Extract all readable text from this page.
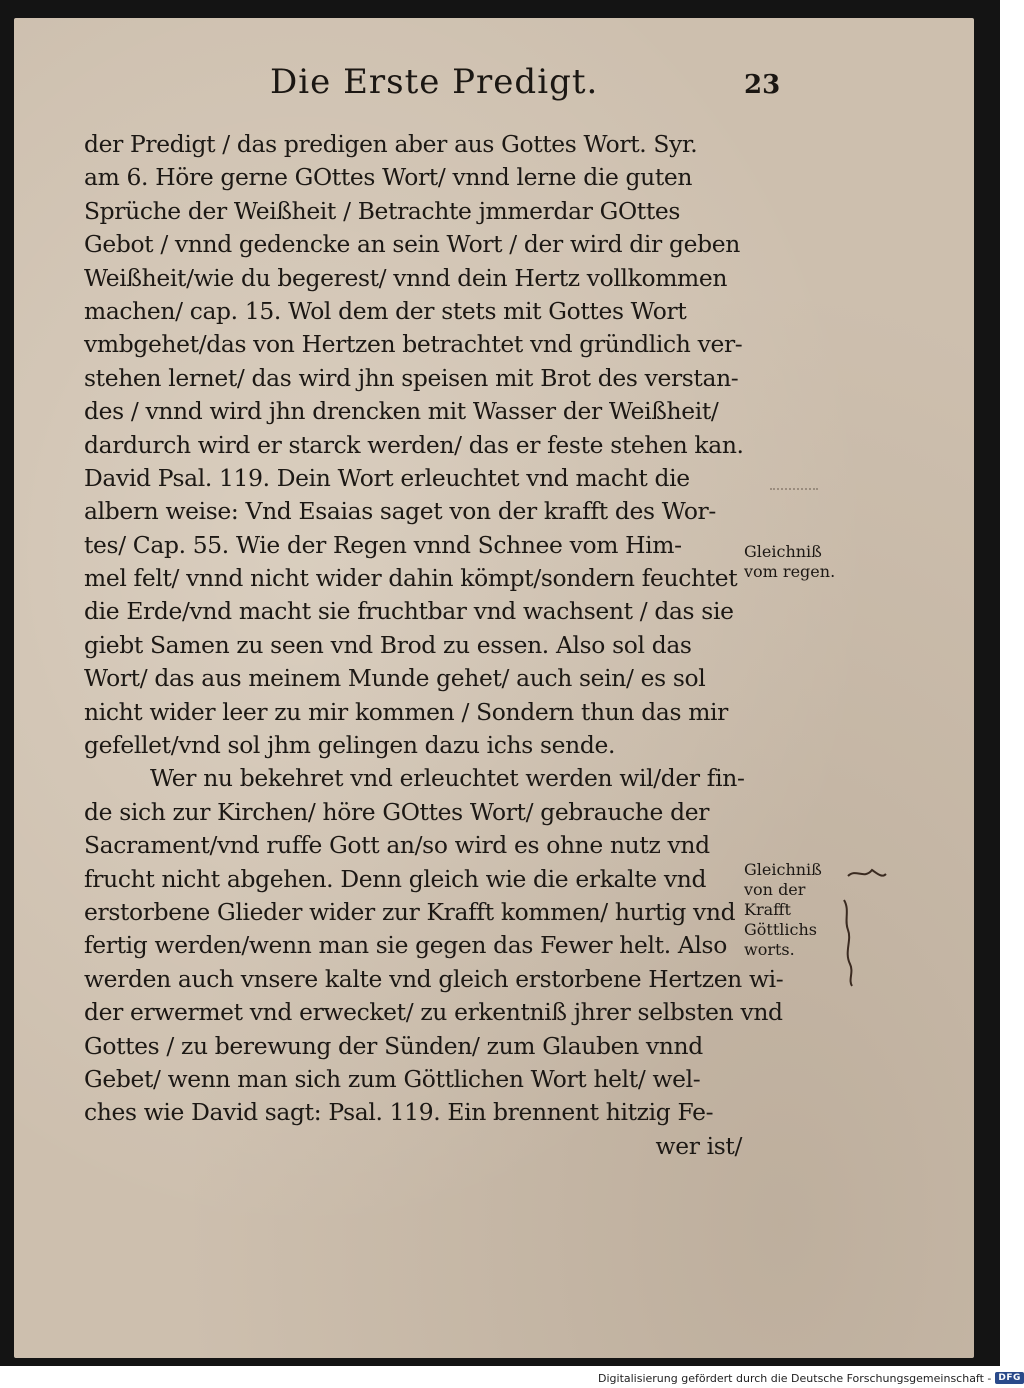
Die Erste Predigt.	23
der Predigt / das predigen aber aus Gottes Wort. Syr.
am 6. Höre gerne GOttes Wort/ vnnd lerne die guten
Sprüche der Weißheit / Betrachte jmmerdar GOttes
Gebot / vnnd gedencke an sein Wort / der wird dir geben
Weißheit/wie du begerest/ vnnd dein Hertz vollkommen
machen/ cap. 15. Wol dem der stets mit Gottes Wort
vmbgehet/das von Hertzen betrachtet vnd gründlich ver-
stehen lernet/ das wird jhn speisen mit Brot des verstan-
des / vnnd wird jhn drencken mit Wasser der Weißheit/
dardurch wird er starck werden/ das er feste stehen kan.
David Psal. 119. Dein Wort erleuchtet vnd macht die
albern weise: Vnd Esaias saget von der krafft des Wor-
tes/ Cap. 55. Wie der Regen vnnd Schnee vom Him-
mel felt/ vnnd nicht wider dahin kömpt/sondern feuchtet
die Erde/vnd macht sie fruchtbar vnd wachsent / das sie
giebt Samen zu seen vnd Brod zu essen. Also sol das
Wort/ das aus meinem Munde gehet/ auch sein/ es sol
nicht wider leer zu mir kommen / Sondern thun das mir
gefellet/vnd sol jhm gelingen dazu ichs sende.
Wer nu bekehret vnd erleuchtet werden wil/der fin-
de sich zur Kirchen/ höre GOttes Wort/ gebrauche der
Sacrament/vnd ruffe Gott an/so wird es ohne nutz vnd
frucht nicht abgehen. Denn gleich wie die erkalte vnd
erstorbene Glieder wider zur Krafft kommen/ hurtig vnd
fertig werden/wenn man sie gegen das Fewer helt. Also
werden auch vnsere kalte vnd gleich erstorbene Hertzen wi-
der erwermet vnd erwecket/ zu erkentniß jhrer selbsten vnd
Gottes / zu berewung der Sünden/ zum Glauben vnnd
Gebet/ wenn man sich zum Göttlichen Wort helt/ wel-
ches wie David sagt: Psal. 119. Ein brennent hitzig Fe-
wer ist/
Gleichniß
vom regen.
Gleichniß
von der
Krafft
Göttlichs
worts.
Digitalisierung gefördert durch die Deutsche Forschungsgemeinschaft - DFG
